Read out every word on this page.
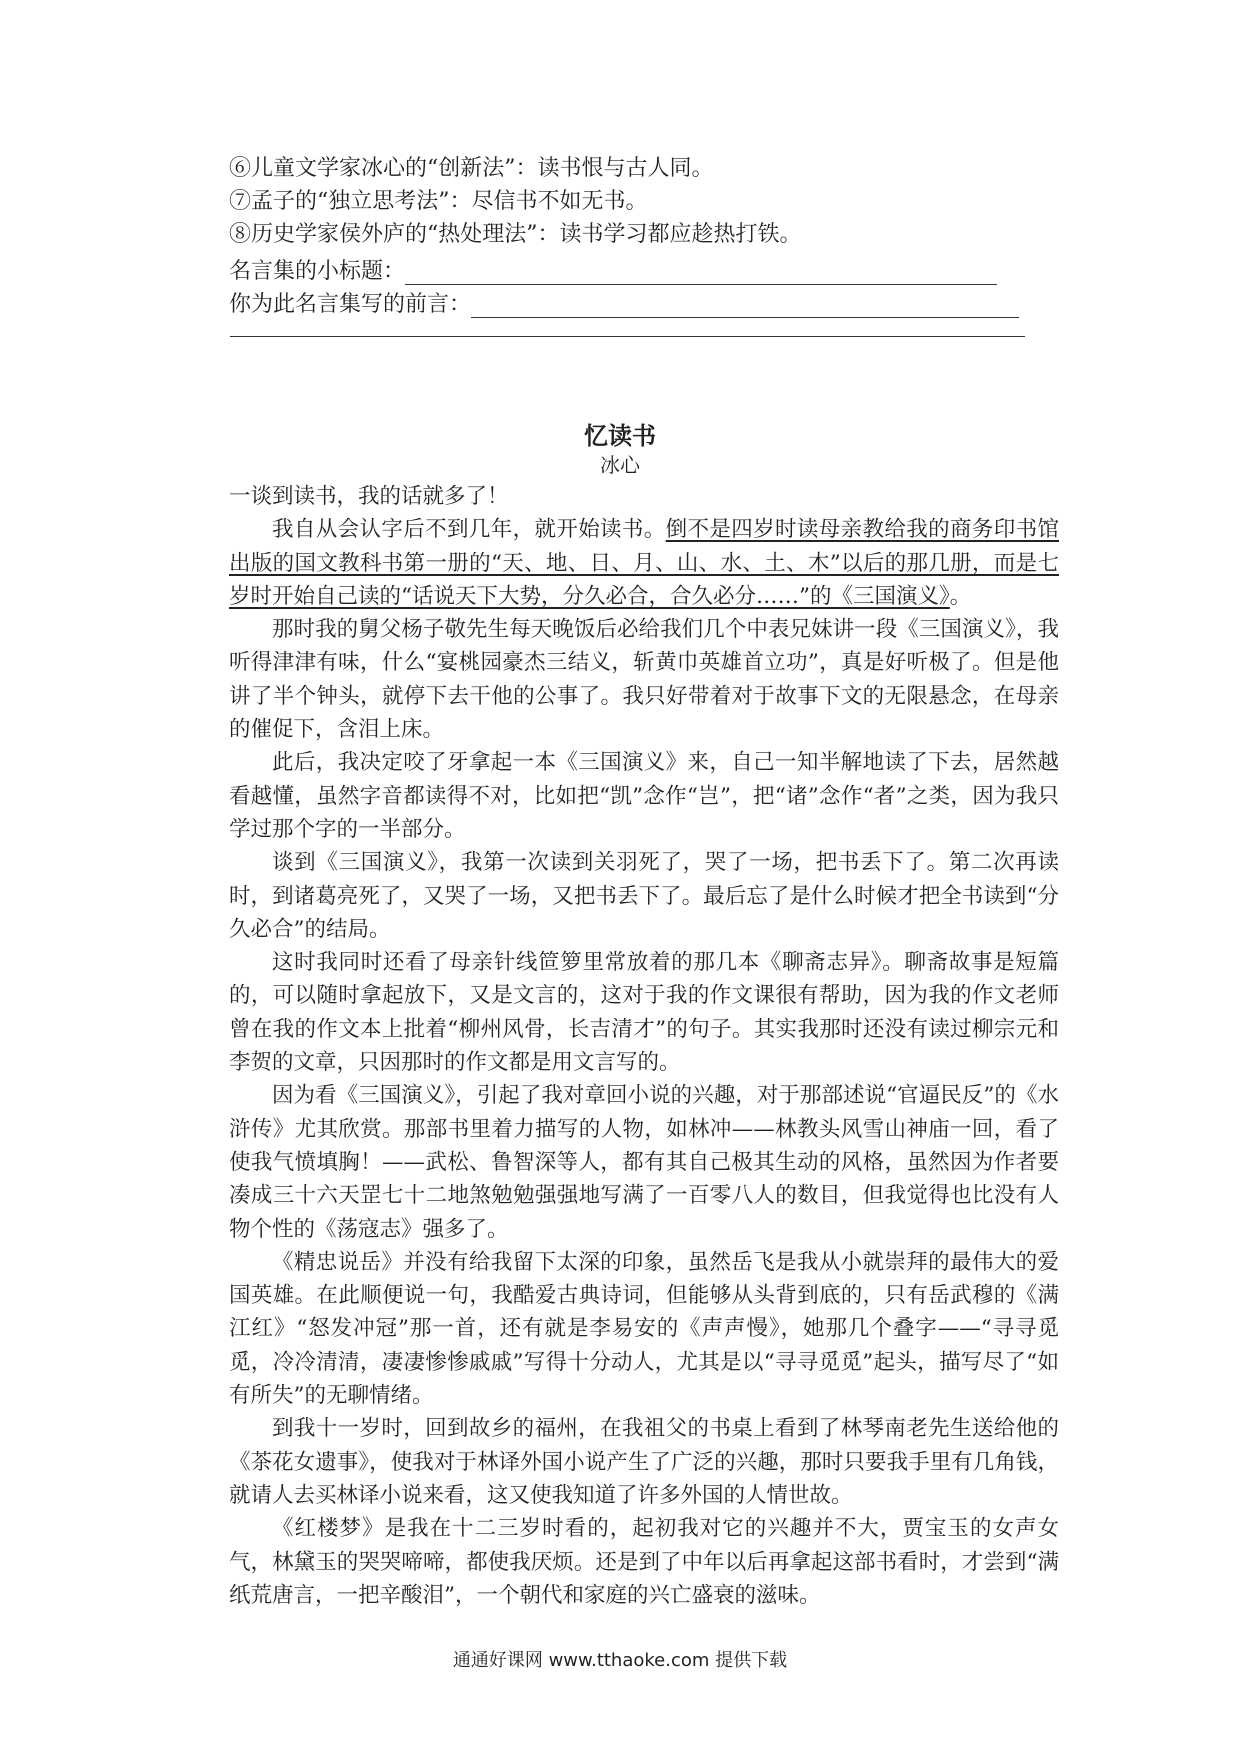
⑥儿童文学家冰心的“创新法”：读书恨与古人同。
⑦孟子的“独立思考法”：尽信书不如无书。
⑧历史学家侯外庐的“热处理法”：读书学习都应趁热打铁。
名言集的小标题：
你为此名言集写的前言：
忆读书
冰心

一谈到读书，我的话就多了！

我自从会认字后不到几年，就开始读书。倒不是四岁时读母亲教给我的商务印书馆出版的国文教科书第一册的“天、地、日、月、山、水、土、木”以后的那几册，而是七岁时开始自己读的“话说天下大势，分久必合，合久必分……”的《三国演义》。

那时我的舅父杨子敬先生每天晚饭后必给我们几个中表兄妹讲一段《三国演义》，我听得津津有味，什么“宴桃园豪杰三结义，斩黄巾英雄首立功”，真是好听极了。但是他讲了半个钟头，就停下去干他的公事了。我只好带着对于故事下文的无限悬念，在母亲的催促下，含泪上床。

此后，我决定咬了牙拿起一本《三国演义》来，自己一知半解地读了下去，居然越看越懂，虽然字音都读得不对，比如把“凯”念作“岂”，把“诸”念作“者”之类，因为我只学过那个字的一半部分。

谈到《三国演义》，我第一次读到关羽死了，哭了一场，把书丢下了。第二次再读时，到诸葛亮死了，又哭了一场，又把书丢下了。最后忘了是什么时候才把全书读到“分久必合”的结局。

这时我同时还看了母亲针线笸箩里常放着的那几本《聊斋志异》。聊斋故事是短篇的，可以随时拿起放下，又是文言的，这对于我的作文课很有帮助，因为我的作文老师曾在我的作文本上批着“柳州风骨，长吉清才”的句子。其实我那时还没有读过柳宗元和李贺的文章，只因那时的作文都是用文言写的。

因为看《三国演义》，引起了我对章回小说的兴趣，对于那部述说“官逼民反”的《水浒传》尤其欣赏。那部书里着力描写的人物，如林冲——林教头风雪山神庙一回，看了使我气愤填胸！——武松、鲁智深等人，都有其自己极其生动的风格，虽然因为作者要凑成三十六天罡七十二地煞勉勉强强地写满了一百零八人的数目，但我觉得也比没有人物个性的《荡寇志》强多了。

《精忠说岳》并没有给我留下太深的印象，虽然岳飞是我从小就崇拜的最伟大的爱国英雄。在此顺便说一句，我酷爱古典诗词，但能够从头背到底的，只有岳武穆的《满江红》“怒发冲冠”那一首，还有就是李易安的《声声慢》，她那几个叠字——“寻寻觅觅，冷冷清清，凄凄惨惨戚戚”写得十分动人，尤其是以“寻寻觅觅”起头，描写尽了“如有所失”的无聊情绪。

到我十一岁时，回到故乡的福州，在我祖父的书桌上看到了林琴南老先生送给他的《茶花女遗事》，使我对于林译外国小说产生了广泛的兴趣，那时只要我手里有几角钱，就请人去买林译小说来看，这又使我知道了许多外国的人情世故。

《红楼梦》是我在十二三岁时看的，起初我对它的兴趣并不大，贾宝玉的女声女气，林黛玉的哭哭啼啼，都使我厌烦。还是到了中年以后再拿起这部书看时，才尝到“满纸荒唐言，一把辛酸泪”，一个朝代和家庭的兴亡盛衰的滋味。

通通好课网 www.tthaoke.com 提供下载
